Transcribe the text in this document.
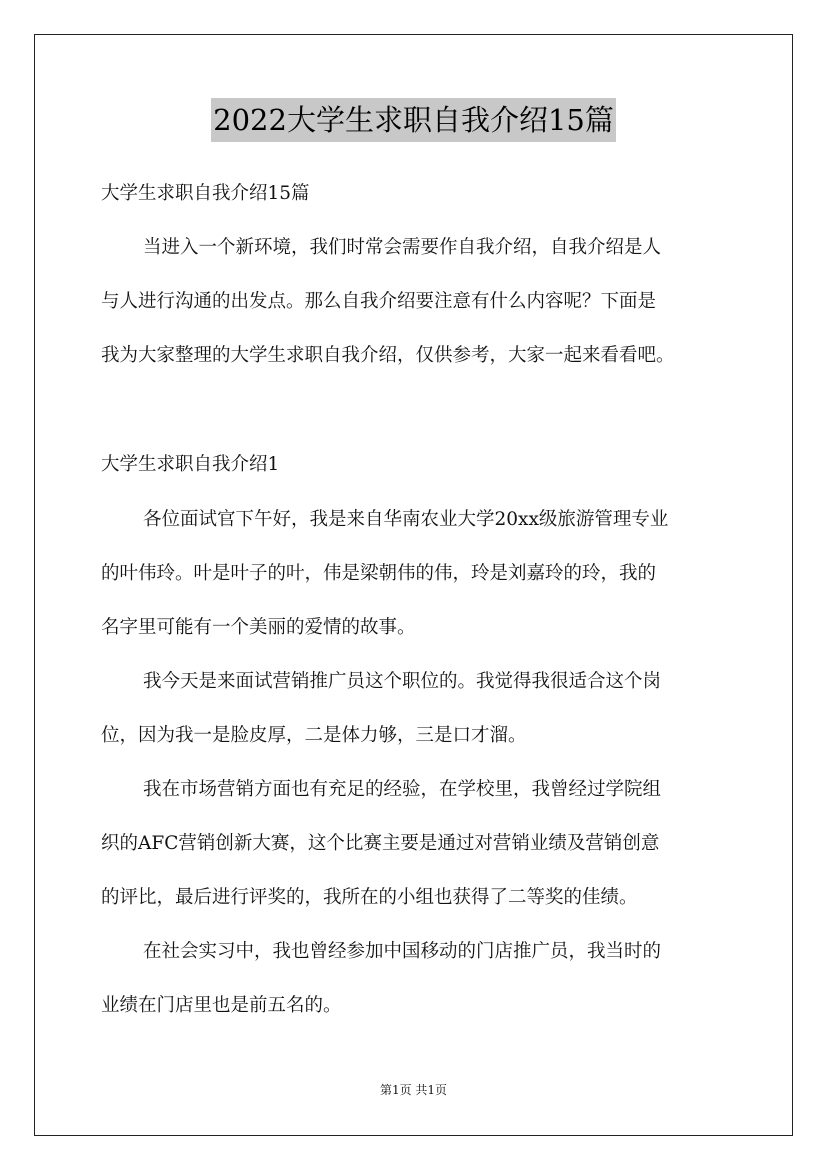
2022大学生求职自我介绍15篇
大学生求职自我介绍15篇
当进入一个新环境，我们时常会需要作自我介绍，自我介绍是人
与人进行沟通的出发点。那么自我介绍要注意有什么内容呢？下面是
我为大家整理的大学生求职自我介绍，仅供参考，大家一起来看看吧。
大学生求职自我介绍1
各位面试官下午好，我是来自华南农业大学20xx级旅游管理专业
的叶伟玲。叶是叶子的叶，伟是梁朝伟的伟，玲是刘嘉玲的玲，我的
名字里可能有一个美丽的爱情的故事。
我今天是来面试营销推广员这个职位的。我觉得我很适合这个岗
位，因为我一是脸皮厚，二是体力够，三是口才溜。
我在市场营销方面也有充足的经验，在学校里，我曾经过学院组
织的AFC营销创新大赛，这个比赛主要是通过对营销业绩及营销创意
的评比，最后进行评奖的，我所在的小组也获得了二等奖的佳绩。
在社会实习中，我也曾经参加中国移动的门店推广员，我当时的
业绩在门店里也是前五名的。
第1页 共1页
